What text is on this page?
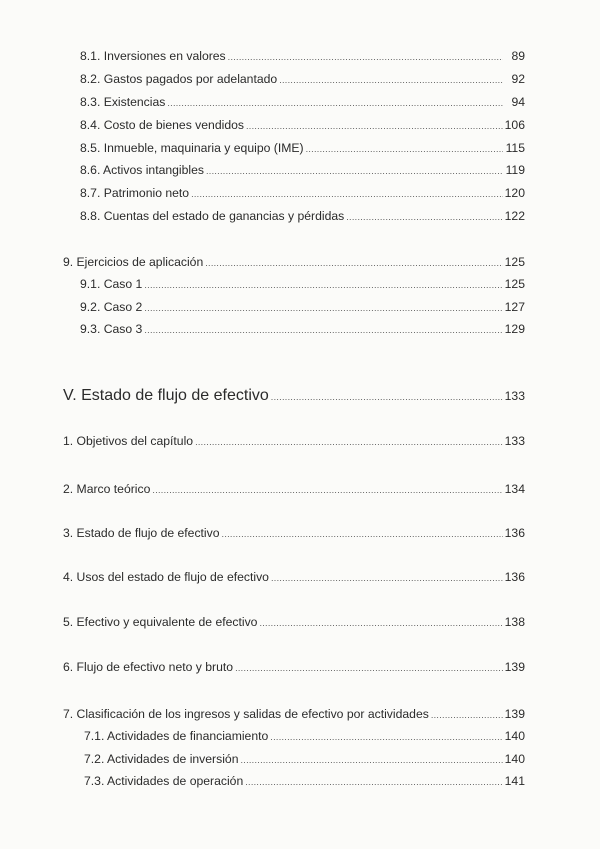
8.1. Inversiones en valores .....	89
8.2. Gastos pagados por adelantado .....	92
8.3. Existencias .....	94
8.4. Costo de bienes vendidos .....	106
8.5. Inmueble, maquinaria y equipo (IME) .....	115
8.6. Activos intangibles .....	119
8.7. Patrimonio neto .....	120
8.8. Cuentas del estado de ganancias y pérdidas .....	122
9. Ejercicios de aplicación .....	125
9.1. Caso 1 .....	125
9.2. Caso 2 .....	127
9.3. Caso 3 .....	129
V. Estado de flujo de efectivo .....	133
1. Objetivos del capítulo .....	133
2. Marco teórico .....	134
3. Estado de flujo de efectivo .....	136
4. Usos del estado de flujo de efectivo .....	136
5. Efectivo y equivalente de efectivo .....	138
6. Flujo de efectivo neto y bruto .....	139
7. Clasificación de los ingresos y salidas de efectivo por actividades .....	139
7.1. Actividades de financiamiento .....	140
7.2. Actividades de inversión .....	140
7.3. Actividades de operación .....	141
